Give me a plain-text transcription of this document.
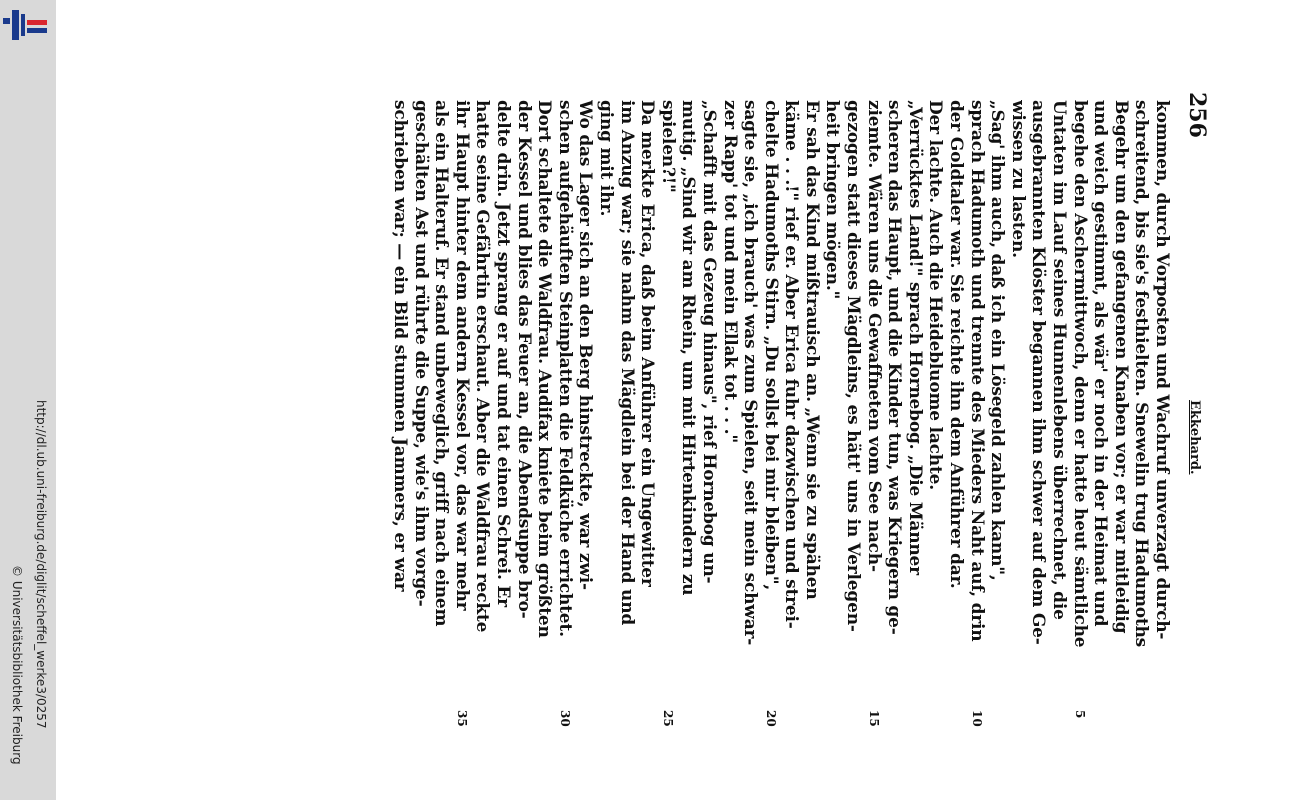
http://dl.ub.uni-freiburg.de/diglit/scheffel_werke3/0257
© Universitätsbibliothek Freiburg
256
Ekkehard.
kommen, durch Vorposten und Wachruf unverzagt durch-
schreitend, bis sie's festhielten. Snewelin trug Hadumoths
Begehr um den gefangenen Knaben vor; er war mitleidig
und weich gestimmt, als wär' er noch in der Heimat und
begehe den Aschermittwoch, denn er hatte heut sämtliche
Untaten im Lauf seines Hunnenlebens überrechnet, die
ausgebrannten Klöster begannen ihm schwer auf dem Ge-
wissen zu lasten.
„Sag' ihm auch, daß ich ein Lösegeld zahlen kann",
sprach Hadumoth und trennte des Mieders Naht auf, drin
der Goldtaler war. Sie reichte ihn dem Anführer dar.
Der lachte. Auch die Heidebluome lachte.
„Verrücktes Land!" sprach Hornebog. „Die Männer
scheren das Haupt, und die Kinder tun, was Kriegern ge-
ziemte. Wären uns die Gewaffneten vom See nach-
gezogen statt dieses Mägdleins, es hätt' uns in Verlegen-
heit bringen mögen."
Er sah das Kind mißtrauisch an. „Wenn sie zu spähen
käme . . .!" rief er. Aber Erica fuhr dazwischen und strei-
chelte Hadumoths Stirn. „Du sollst bei mir bleiben",
sagte sie, „ich brauch' was zum Spielen, seit mein schwar-
zer Rapp' tot und mein Ellak tot . . ."
„Schafft mit das Gezeug hinaus", rief Hornebog un-
mutig. „Sind wir am Rhein, um mit Hirtenkindern zu
spielen?!"
Da merkte Erica, daß beim Anführer ein Ungewitter
im Anzug war; sie nahm das Mägdlein bei der Hand und
ging mit ihr.
Wo das Lager sich an den Berg hinstreckte, war zwi-
schen aufgehäuften Steinplatten die Feldküche errichtet.
Dort schaltete die Waldfrau. Audifax kniete beim größten
der Kessel und blies das Feuer an, die Abendsuppe bro-
delte drin. Jetzt sprang er auf und tat einen Schrei. Er
hatte seine Gefährtin erschaut. Aber die Waldfrau reckte
ihr Haupt hinter dem andern Kessel vor, das war mehr
als ein Halteruf. Er stand unbeweglich, griff nach einem
geschälten Ast und rührte die Suppe, wie's ihm vorge-
schrieben war; — ein Bild stummen Jammers, er war
5
10
15
20
25
30
35
